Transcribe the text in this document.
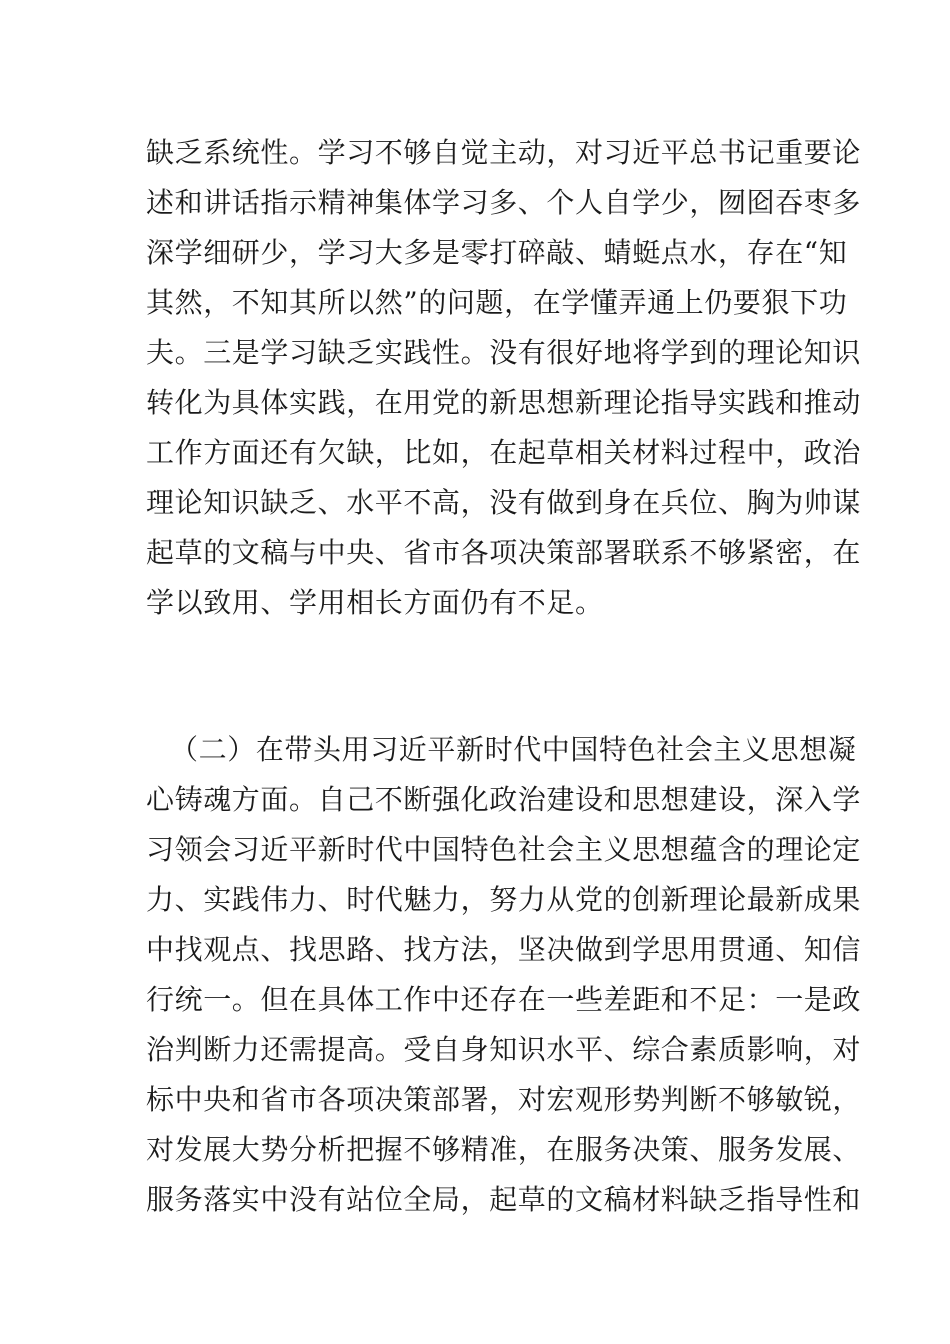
缺乏系统性。学习不够自觉主动，对习近平总书记重要论
述和讲话指示精神集体学习多、个人自学少，囫囵吞枣多
深学细研少，学习大多是零打碎敲、蜻蜓点水，存在“知
其然，不知其所以然”的问题，在学懂弄通上仍要狠下功
夫。三是学习缺乏实践性。没有很好地将学到的理论知识
转化为具体实践，在用党的新思想新理论指导实践和推动
工作方面还有欠缺，比如，在起草相关材料过程中，政治
理论知识缺乏、水平不高，没有做到身在兵位、胸为帅谋
起草的文稿与中央、省市各项决策部署联系不够紧密，在
学以致用、学用相长方面仍有不足。
（二）在带头用习近平新时代中国特色社会主义思想凝
心铸魂方面。自己不断强化政治建设和思想建设，深入学
习领会习近平新时代中国特色社会主义思想蕴含的理论定
力、实践伟力、时代魅力，努力从党的创新理论最新成果
中找观点、找思路、找方法，坚决做到学思用贯通、知信
行统一。但在具体工作中还存在一些差距和不足：一是政
治判断力还需提高。受自身知识水平、综合素质影响，对
标中央和省市各项决策部署，对宏观形势判断不够敏锐，
对发展大势分析把握不够精准，在服务决策、服务发展、
服务落实中没有站位全局，起草的文稿材料缺乏指导性和
